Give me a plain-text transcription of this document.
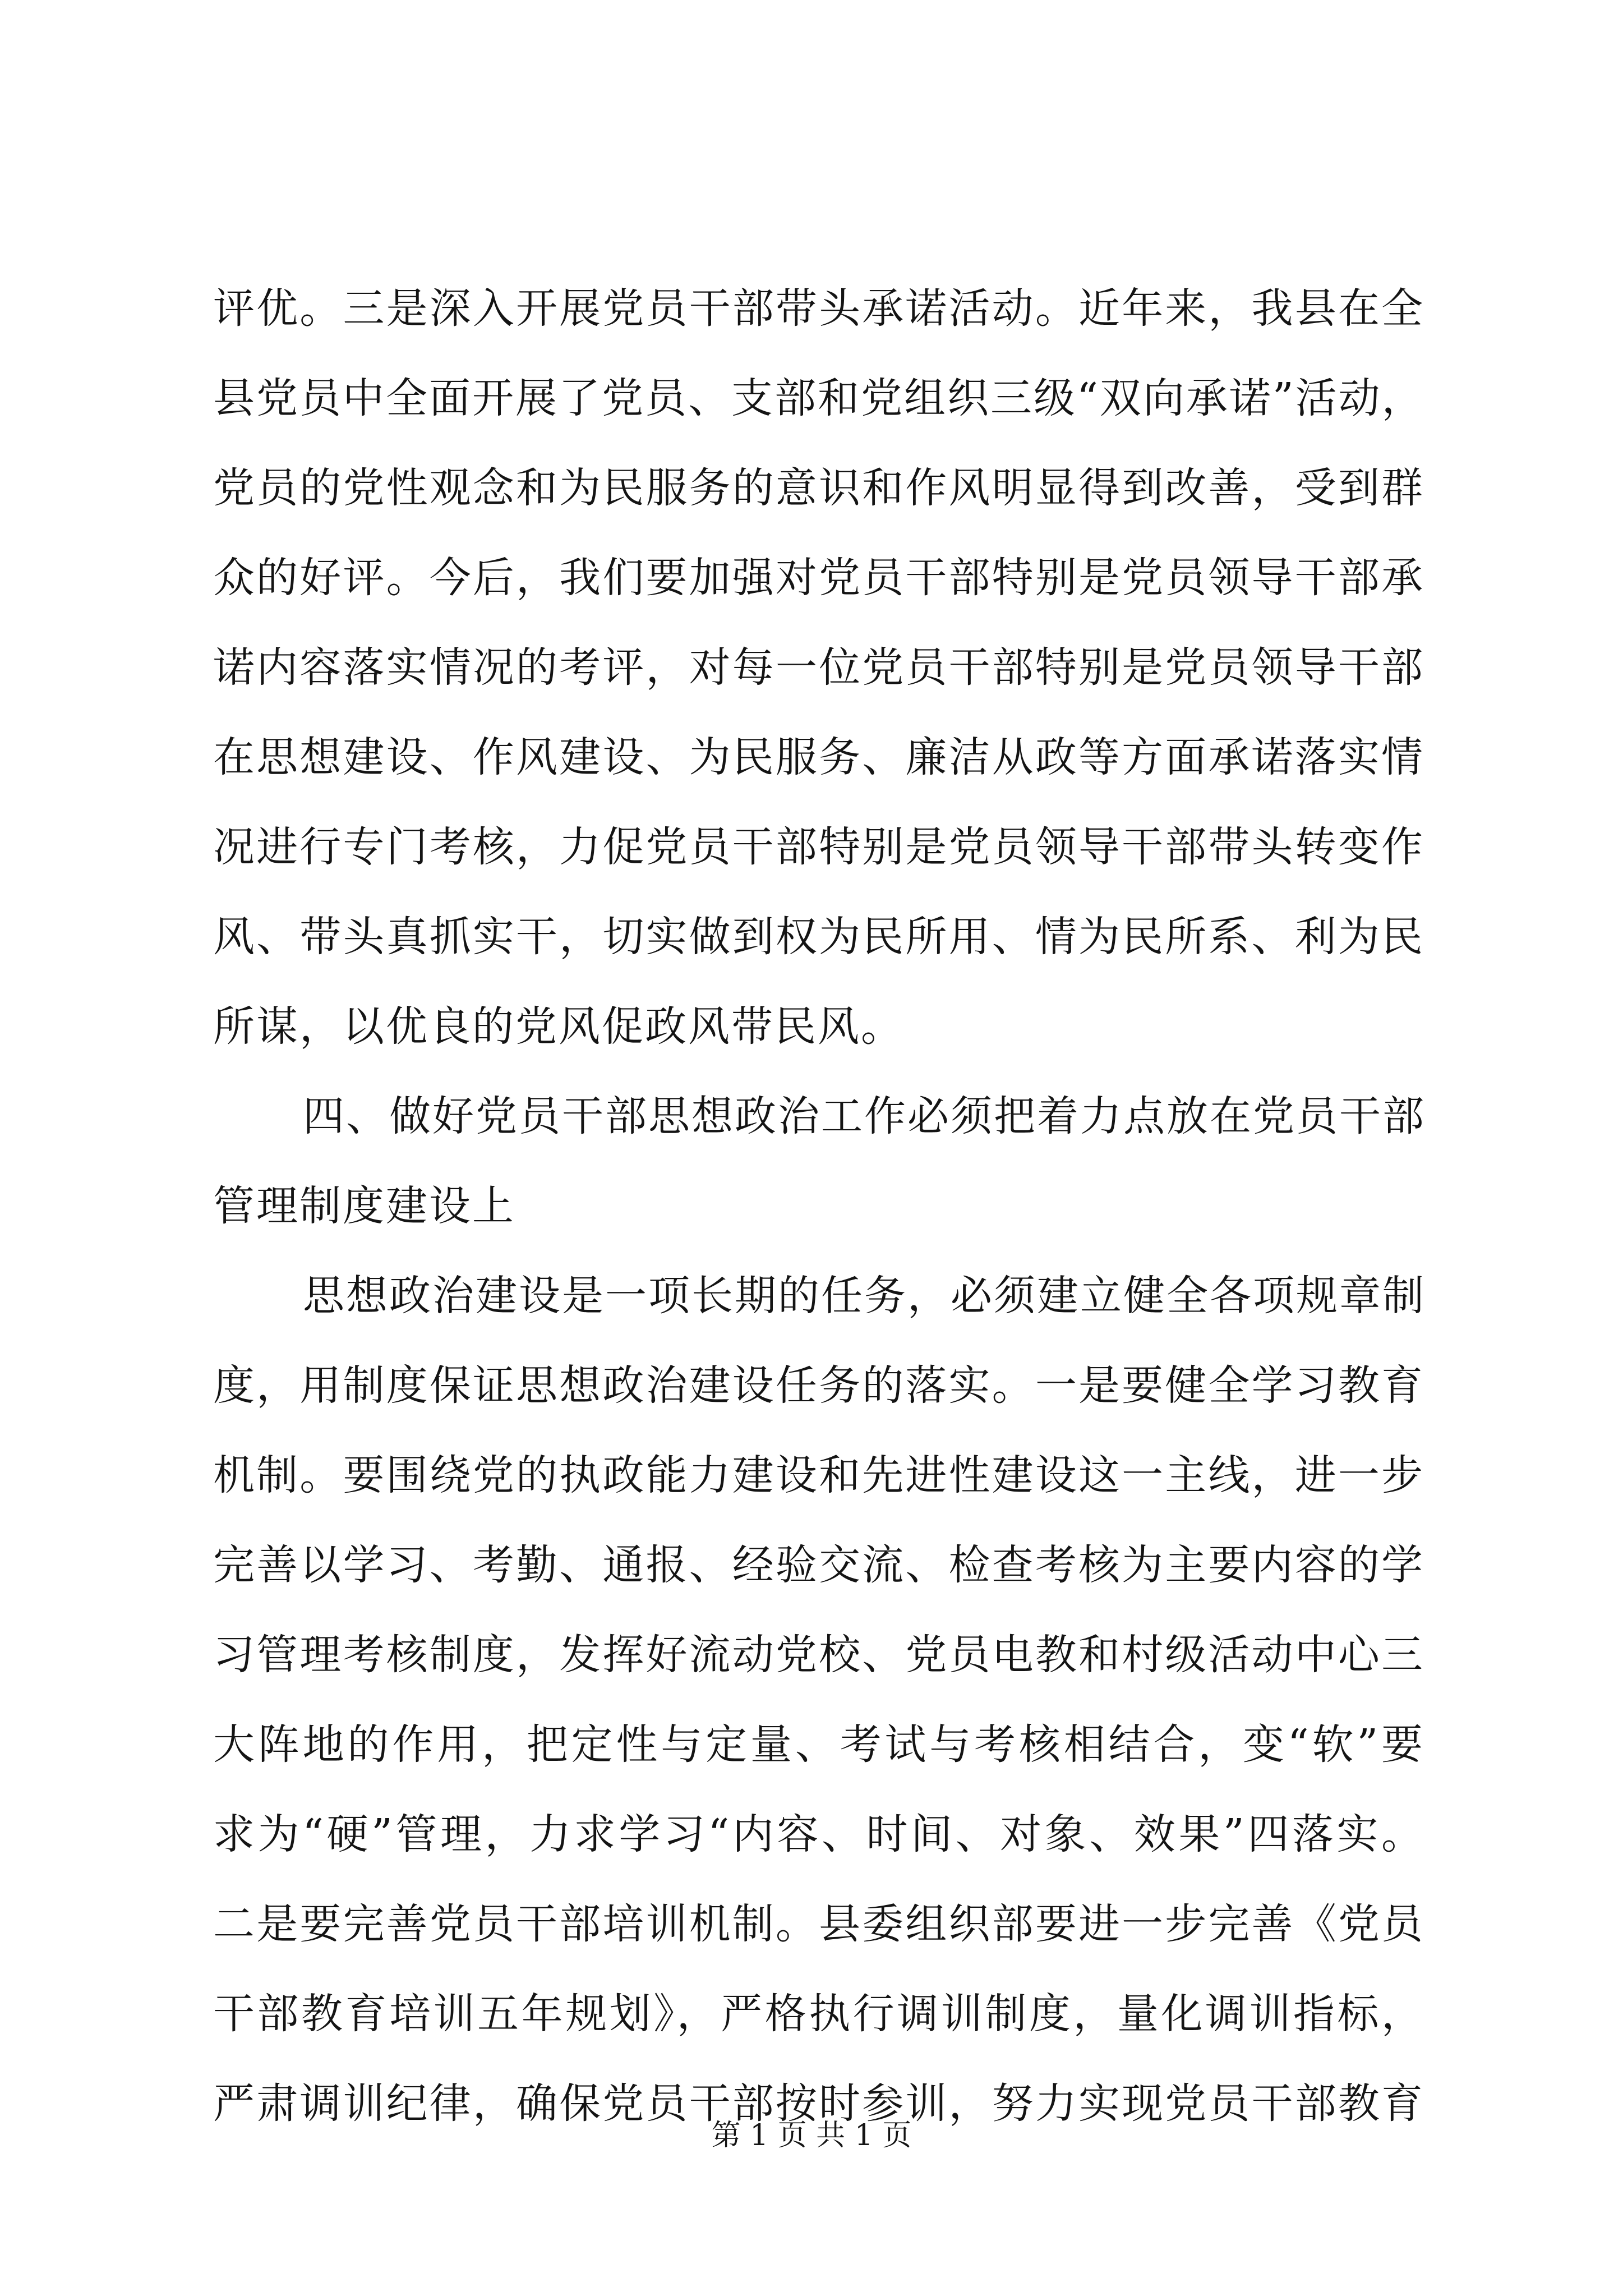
评优。三是深入开展党员干部带头承诺活动。近年来，我县在全
县党员中全面开展了党员、支部和党组织三级“双向承诺”活动，
党员的党性观念和为民服务的意识和作风明显得到改善，受到群
众的好评。今后，我们要加强对党员干部特别是党员领导干部承
诺内容落实情况的考评，对每一位党员干部特别是党员领导干部
在思想建设、作风建设、为民服务、廉洁从政等方面承诺落实情
况进行专门考核，力促党员干部特别是党员领导干部带头转变作
风、带头真抓实干，切实做到权为民所用、情为民所系、利为民
所谋，以优良的党风促政风带民风。
四、做好党员干部思想政治工作必须把着力点放在党员干部
管理制度建设上
思想政治建设是一项长期的任务，必须建立健全各项规章制
度，用制度保证思想政治建设任务的落实。一是要健全学习教育
机制。要围绕党的执政能力建设和先进性建设这一主线，进一步
完善以学习、考勤、通报、经验交流、检查考核为主要内容的学
习管理考核制度，发挥好流动党校、党员电教和村级活动中心三
大阵地的作用，把定性与定量、考试与考核相结合，变“软”要
求为“硬”管理，力求学习“内容、时间、对象、效果”四落实。
二是要完善党员干部培训机制。县委组织部要进一步完善《党员
干部教育培训五年规划》，严格执行调训制度，量化调训指标，
严肃调训纪律，确保党员干部按时参训，努力实现党员干部教育
第 1 页 共 1 页
